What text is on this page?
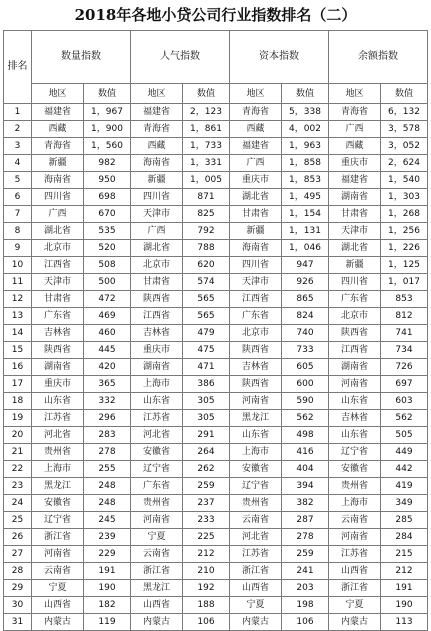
2018年各地小贷公司行业指数排名（二）
排名	数量指数		人气指数		资本指数		余额指数	
	地区	数值	地区	数值	地区	数值	地区	数值
1	福建省	1，967	福建省	2，123	青海省	5，338	青海省	6，132
2	西藏	1，900	青海省	1，861	西藏	4，002	广西	3，578
3	青海省	1，560	西藏	1，733	福建省	1，963	西藏	3，052
4	新疆	982	海南省	1，331	广西	1，858	重庆市	2，624
5	海南省	950	新疆	1，005	重庆市	1，853	福建省	1，540
6	四川省	698	四川省	871	湖北省	1，495	湖南省	1，303
7	广西	670	天津市	825	甘肃省	1，154	甘肃省	1，268
8	湖北省	535	广西	792	新疆	1，131	天津市	1，256
9	北京市	520	湖北省	788	海南省	1，046	湖北省	1，226
10	江西省	508	北京市	620	四川省	947	新疆	1，125
11	天津市	500	甘肃省	574	天津市	926	四川省	1，017
12	甘肃省	472	陕西省	565	江西省	865	广东省	853
13	广东省	469	江西省	565	广东省	824	北京市	812
14	吉林省	460	吉林省	479	北京市	740	陕西省	741
15	陕西省	445	重庆市	475	陕西省	733	江西省	734
16	湖南省	420	湖南省	471	吉林省	605	湖南省	726
17	重庆市	365	上海市	386	陕西省	600	河南省	697
18	山东省	332	山东省	305	河南省	590	山东省	603
19	江苏省	296	江苏省	305	黑龙江	562	吉林省	562
20	河北省	283	河北省	291	山东省	498	山东省	505
21	贵州省	278	安徽省	264	上海市	416	辽宁省	449
22	上海市	255	辽宁省	262	安徽省	404	安徽省	442
23	黑龙江	248	广东省	259	辽宁省	394	贵州省	419
24	安徽省	248	贵州省	237	贵州省	382	上海市	349
25	辽宁省	245	河南省	233	云南省	287	云南省	285
26	浙江省	239	宁夏	225	河北省	278	河南省	284
27	河南省	229	云南省	212	江苏省	259	江苏省	215
28	云南省	191	浙江省	210	浙江省	241	山西省	212
29	宁夏	190	黑龙江	192	山西省	203	浙江省	191
30	山西省	182	山西省	188	宁夏	198	宁夏	190
31	内蒙古	119	内蒙古	106	内蒙古	106	内蒙古	113
